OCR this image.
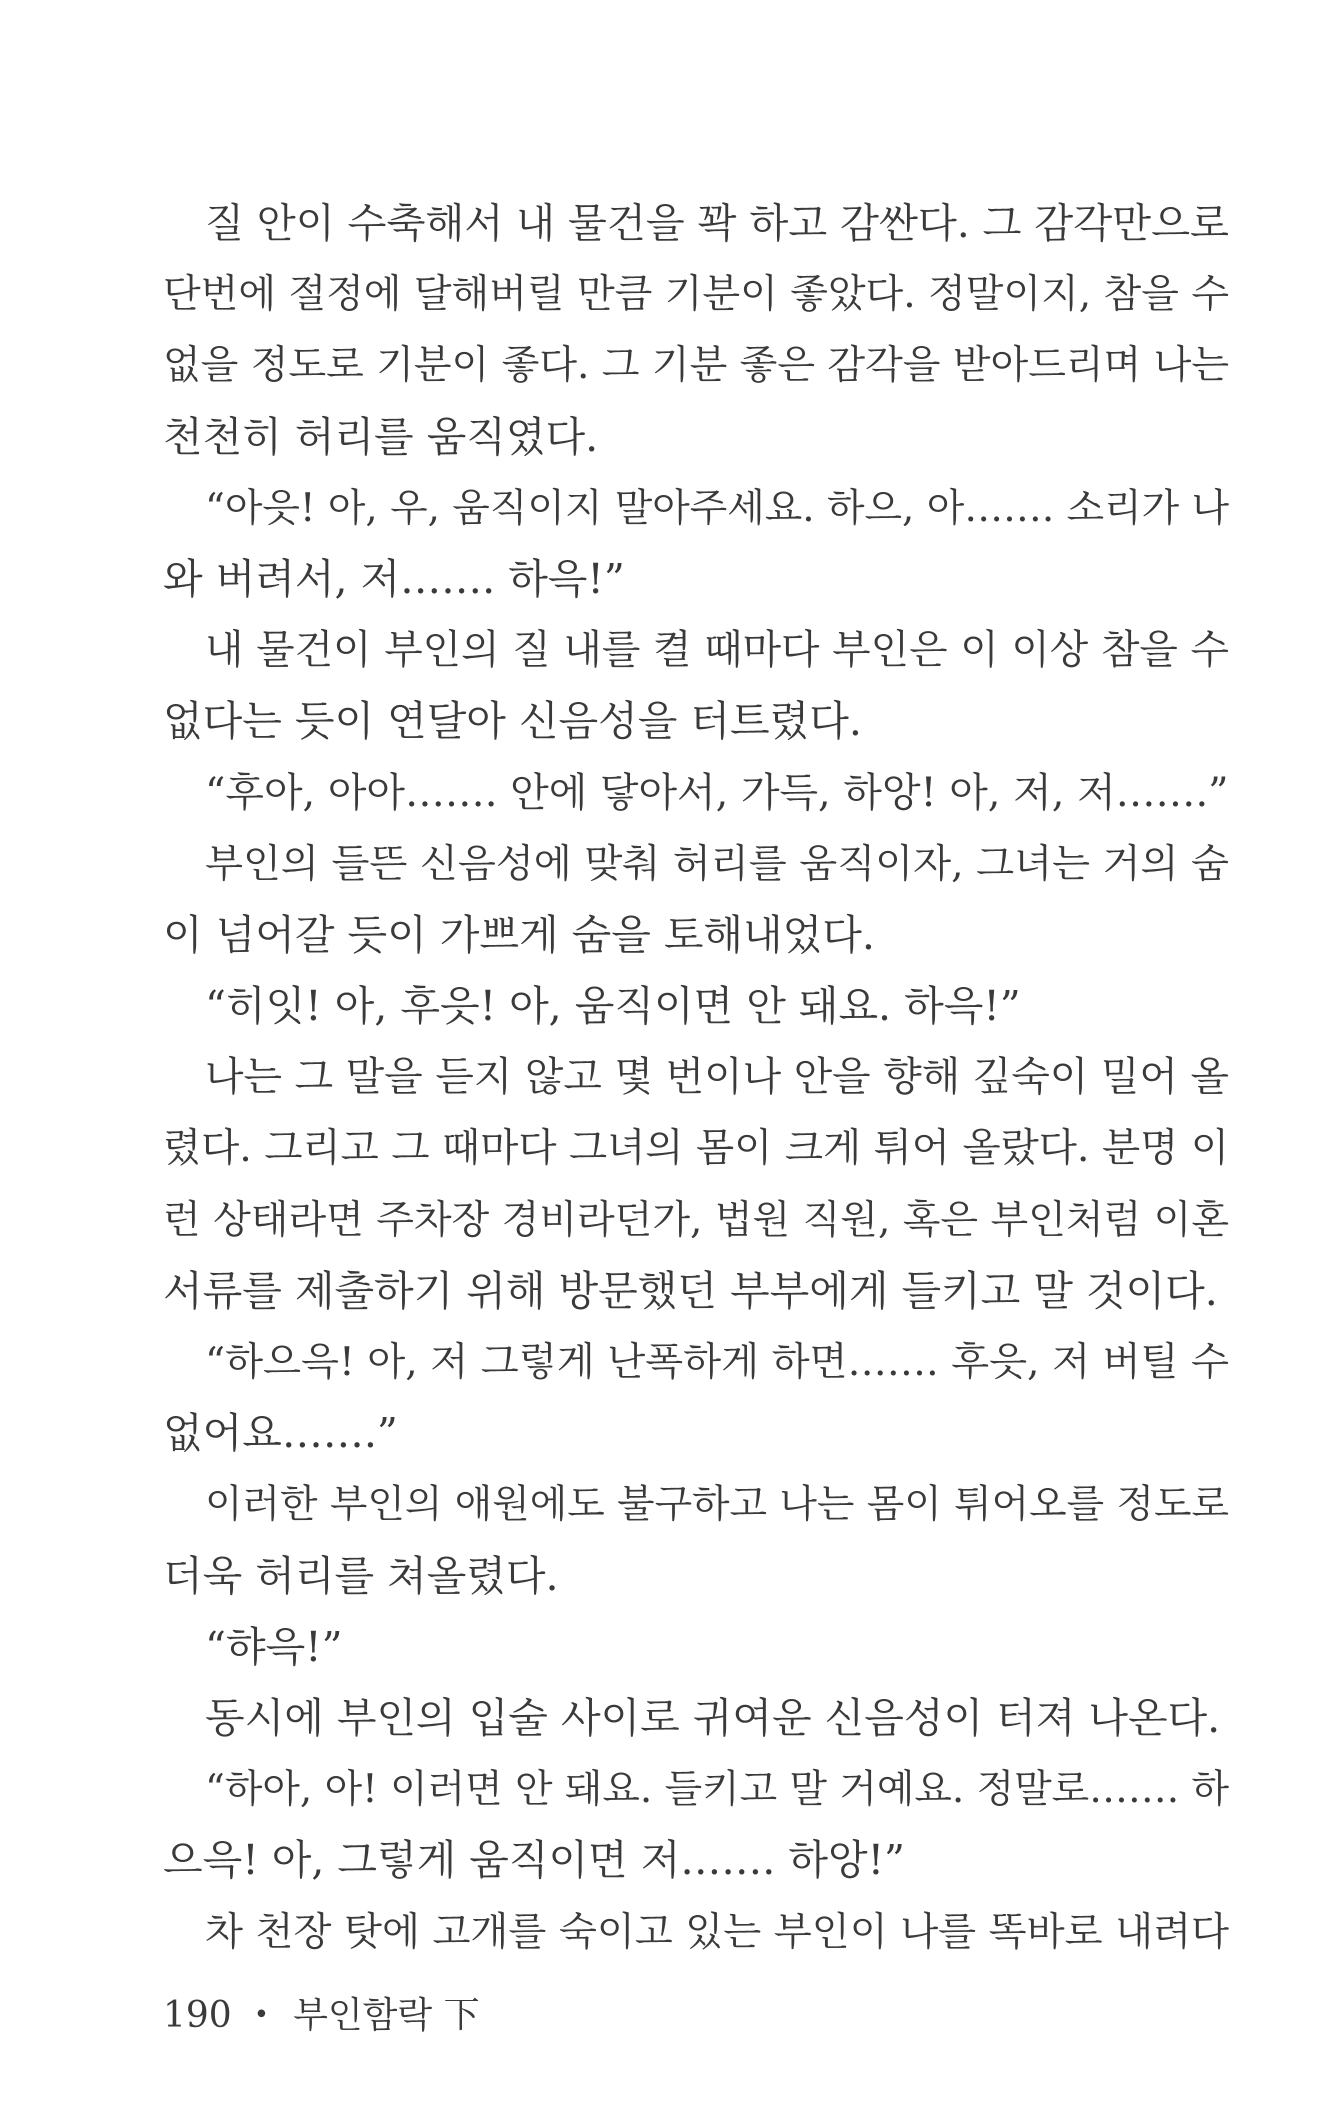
질 안이 수축해서 내 물건을 꽉 하고 감싼다. 그 감각만으로
단번에 절정에 달해버릴 만큼 기분이 좋았다. 정말이지, 참을 수
없을 정도로 기분이 좋다. 그 기분 좋은 감각을 받아드리며 나는
천천히 허리를 움직였다.
“아읏! 아, 우, 움직이지 말아주세요. 하으, 아……. 소리가 나
와 버려서, 저……. 하윽!”
내 물건이 부인의 질 내를 켤 때마다 부인은 이 이상 참을 수
없다는 듯이 연달아 신음성을 터트렸다.
“후아, 아아……. 안에 닿아서, 가득, 하앙! 아, 저, 저…….”
부인의 들뜬 신음성에 맞춰 허리를 움직이자, 그녀는 거의 숨
이 넘어갈 듯이 가쁘게 숨을 토해내었다.
“히잇! 아, 후읏! 아, 움직이면 안 돼요. 하윽!”
나는 그 말을 듣지 않고 몇 번이나 안을 향해 깊숙이 밀어 올
렸다. 그리고 그 때마다 그녀의 몸이 크게 튀어 올랐다. 분명 이
런 상태라면 주차장 경비라던가, 법원 직원, 혹은 부인처럼 이혼
서류를 제출하기 위해 방문했던 부부에게 들키고 말 것이다.
“하으윽! 아, 저 그렇게 난폭하게 하면……. 후읏, 저 버틸 수
없어요…….”
이러한 부인의 애원에도 불구하고 나는 몸이 튀어오를 정도로
더욱 허리를 쳐올렸다.
“햐윽!”
동시에 부인의 입술 사이로 귀여운 신음성이 터져 나온다.
“하아, 아! 이러면 안 돼요. 들키고 말 거예요. 정말로……. 하
으윽! 아, 그렇게 움직이면 저……. 하앙!”
차 천장 탓에 고개를 숙이고 있는 부인이 나를 똑바로 내려다
190 • 부인함락 下
